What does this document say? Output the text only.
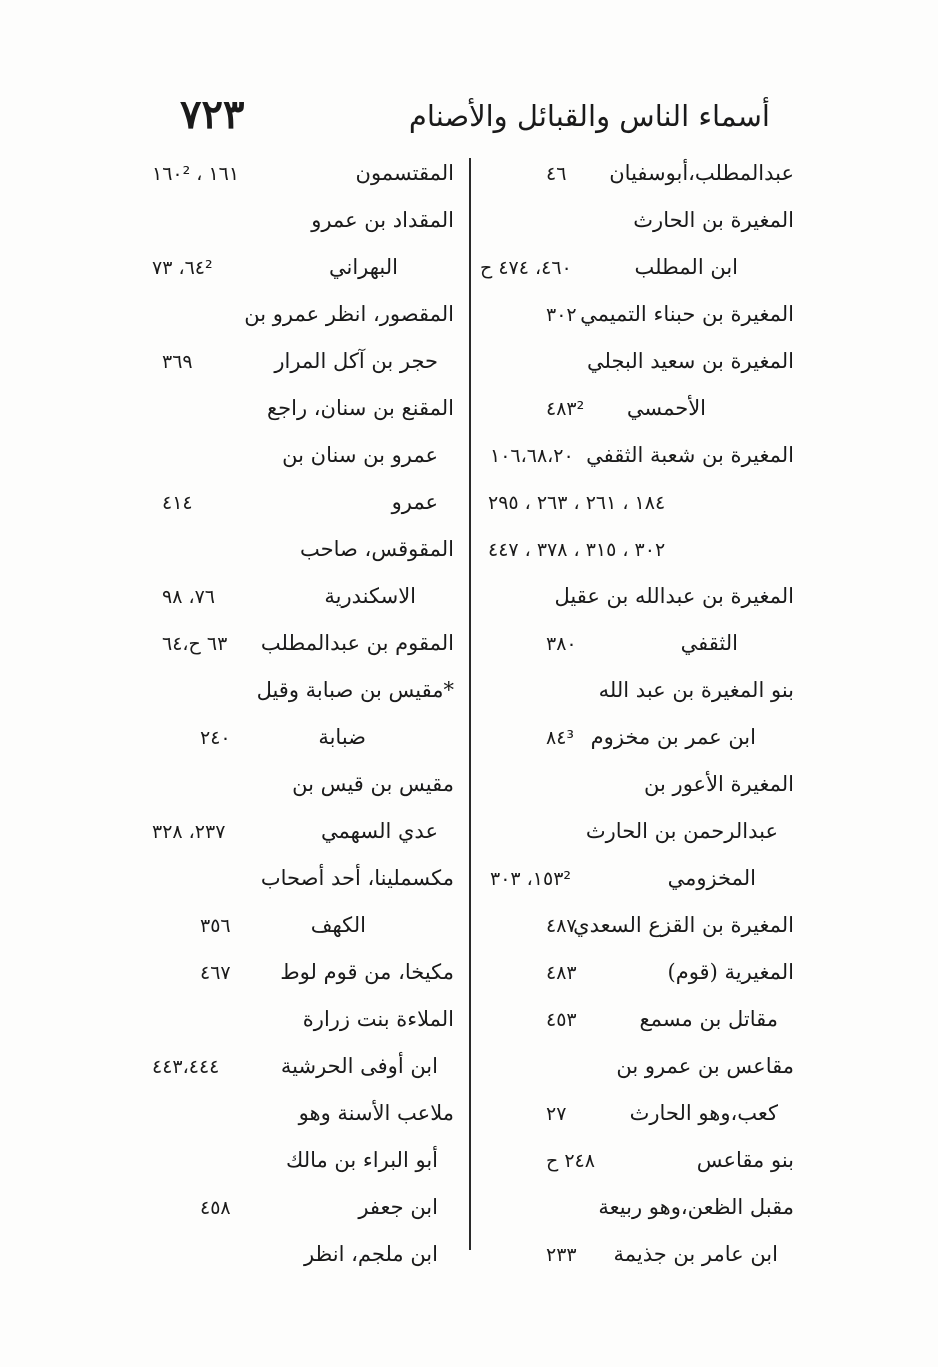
٧٢٣	أسماء الناس والقبائل والأصنام
عبدالمطلب،أبوسفيان
٤٦
المغيرة بن الحارث
ابن المطلب
٤٦٠، ٤٧٤ ح
المغيرة بن حبناء التميمي
٣٠٢
المغيرة بن سعيد البجلي
الأحمسي
٤٨٣²
المغيرة بن شعبة الثقفي
١٠٦،٦٨،٢٠
١٨٤ ، ٢٦١ ، ٢٦٣ ، ٢٩٥
٣٠٢ ، ٣١٥ ، ٣٧٨ ، ٤٤٧
المغيرة بن عبدالله بن عقيل
الثقفي
٣٨٠
بنو المغيرة بن عبد الله
ابن عمر بن مخزوم
٨٤³
المغيرة الأعور بن
عبدالرحمن بن الحارث
المخزومي
١٥٣²، ٣٠٣
المغيرة بن القزع السعدي
٤٨٧
المغيرية (قوم)
٤٨٣
مقاتل بن مسمع
٤٥٣
مقاعس بن عمرو بن
كعب،وهو الحارث
٢٧
بنو مقاعس
٢٤٨ ح
مقبل الظعن،وهو ربيعة
ابن عامر بن جذيمة
٢٣٣
المقتسمون
١٦١ ، ١٦٠²
المقداد بن عمرو
البهراني
٦٤²، ٧٣
المقصور، انظر عمرو بن
حجر بن آكل المرار
٣٦٩
المقنع بن سنان، راجع
عمرو بن سنان بن
عمرو
٤١٤
المقوقس، صاحب
الاسكندرية
٧٦، ٩٨
المقوم بن عبدالمطلب
٦٣ ح،٦٤
*مقيس بن صبابة وقيل
ضبابة
٢٤٠
مقيس بن قيس بن
عدي السهمي
٢٣٧، ٣٢٨
مكسملينا، أحد أصحاب
الكهف
٣٥٦
مكيخا، من قوم لوط
٤٦٧
الملاءة بنت زرارة
ابن أوفى الحرشية
٤٤٣،٤٤٤
ملاعب الأسنة وهو
أبو البراء بن مالك
ابن جعفر
٤٥٨
ابن ملجم، انظر
